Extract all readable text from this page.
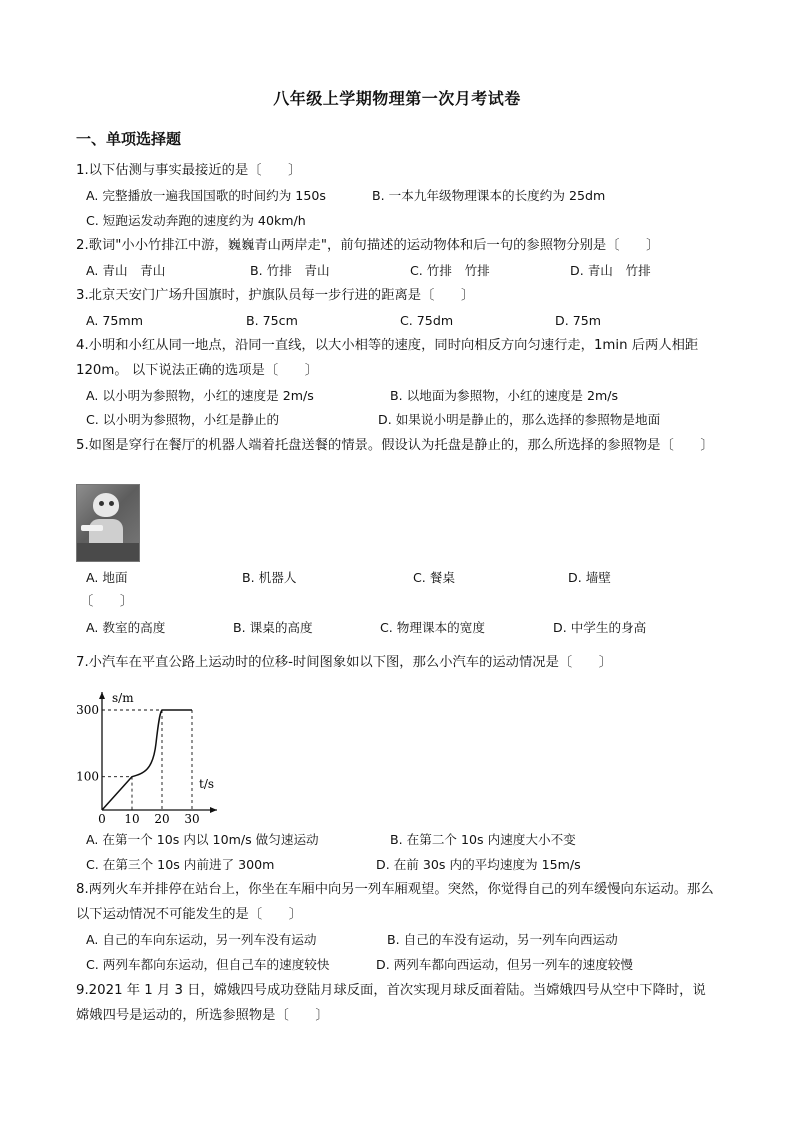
八年级上学期物理第一次月考试卷
一、单项选择题
1.以下估测与事实最接近的是〔　　〕
A. 完整播放一遍我国国歌的时间约为 150s	B. 一本九年级物理课本的长度约为 25dm
C. 短跑运发动奔跑的速度约为 40km/h
2.歌词"小小竹排江中游，巍巍青山两岸走"，前句描述的运动物体和后一句的参照物分别是〔　　〕
A. 青山　青山	B. 竹排　青山	C. 竹排　竹排	D. 青山　竹排
3.北京天安门广场升国旗时，护旗队员每一步行进的距离是〔　　〕
A. 75mm	B. 75cm	C. 75dm	D. 75m
4.小明和小红从同一地点，沿同一直线，以大小相等的速度，同时向相反方向匀速行走，1min 后两人相距 120m。 以下说法正确的选项是〔　　〕
A. 以小明为参照物，小红的速度是 2m/s	B. 以地面为参照物，小红的速度是 2m/s
C. 以小明为参照物，小红是静止的	D. 如果说小明是静止的，那么选择的参照物是地面
5.如图是穿行在餐厅的机器人端着托盘送餐的情景。假设认为托盘是静止的，那么所选择的参照物是〔　　〕
A. 地面	B. 机器人	C. 餐桌	D. 墙壁
〔　　〕
A. 教室的高度	B. 课桌的高度	C. 物理课本的宽度	D. 中学生的身高
7.小汽车在平直公路上运动时的位移-时间图象如以下图，那么小汽车的运动情况是〔　　〕
s/m
t/s
0 10 20 30
100
300
A. 在第一个 10s 内以 10m/s 做匀速运动	B. 在第二个 10s 内速度大小不变
C. 在第三个 10s 内前进了 300m	D. 在前 30s 内的平均速度为 15m/s
8.两列火车并排停在站台上，你坐在车厢中向另一列车厢观望。突然，你觉得自己的列车缓慢向东运动。那么以下运动情况不可能发生的是〔　　〕
A. 自己的车向东运动，另一列车没有运动	B. 自己的车没有运动，另一列车向西运动
C. 两列车都向东运动，但自己车的速度较快	D. 两列车都向西运动，但另一列车的速度较慢
9.2021 年 1 月 3 日，嫦娥四号成功登陆月球反面，首次实现月球反面着陆。当嫦娥四号从空中下降时，说嫦娥四号是运动的，所选参照物是〔　　〕
